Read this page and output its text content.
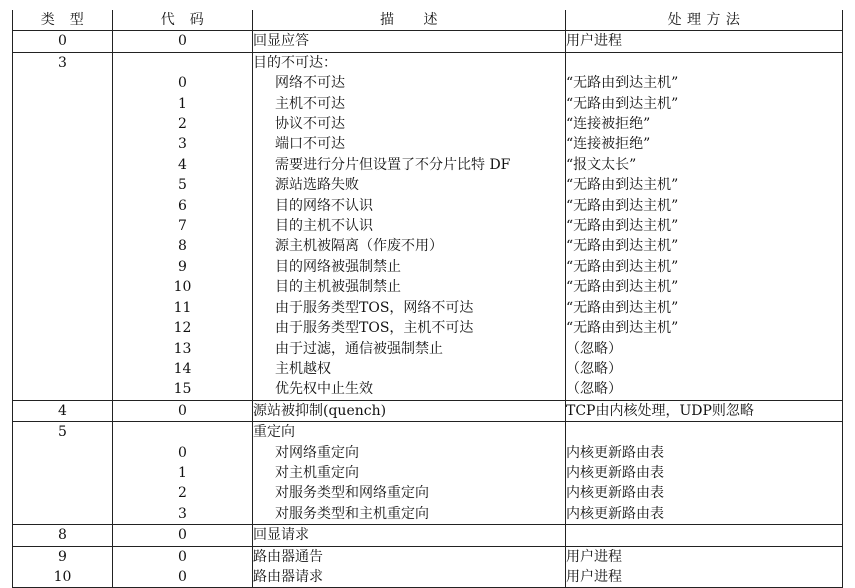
类　型	代　码	描　　述	处 理 方 法
0	0	回显应答	用户进程
3		目的不可达：	
	0	网络不可达	“无路由到达主机”
	1	主机不可达	“无路由到达主机”
	2	协议不可达	“连接被拒绝”
	3	端口不可达	“连接被拒绝”
	4	需要进行分片但设置了不分片比特 DF	“报文太长”
	5	源站选路失败	“无路由到达主机”
	6	目的网络不认识	“无路由到达主机”
	7	目的主机不认识	“无路由到达主机”
	8	源主机被隔离（作废不用）	“无路由到达主机”
	9	目的网络被强制禁止	“无路由到达主机”
	10	目的主机被强制禁止	“无路由到达主机”
	11	由于服务类型TOS，网络不可达	“无路由到达主机”
	12	由于服务类型TOS，主机不可达	“无路由到达主机”
	13	由于过滤，通信被强制禁止	（忽略）
	14	主机越权	（忽略）
	15	优先权中止生效	（忽略）
4	0	源站被抑制(quench)	TCP由内核处理，UDP则忽略
5		重定向	
	0	对网络重定向	内核更新路由表
	1	对主机重定向	内核更新路由表
	2	对服务类型和网络重定向	内核更新路由表
	3	对服务类型和主机重定向	内核更新路由表
8	0	回显请求	
9	0	路由器通告	用户进程
10	0	路由器请求	用户进程
